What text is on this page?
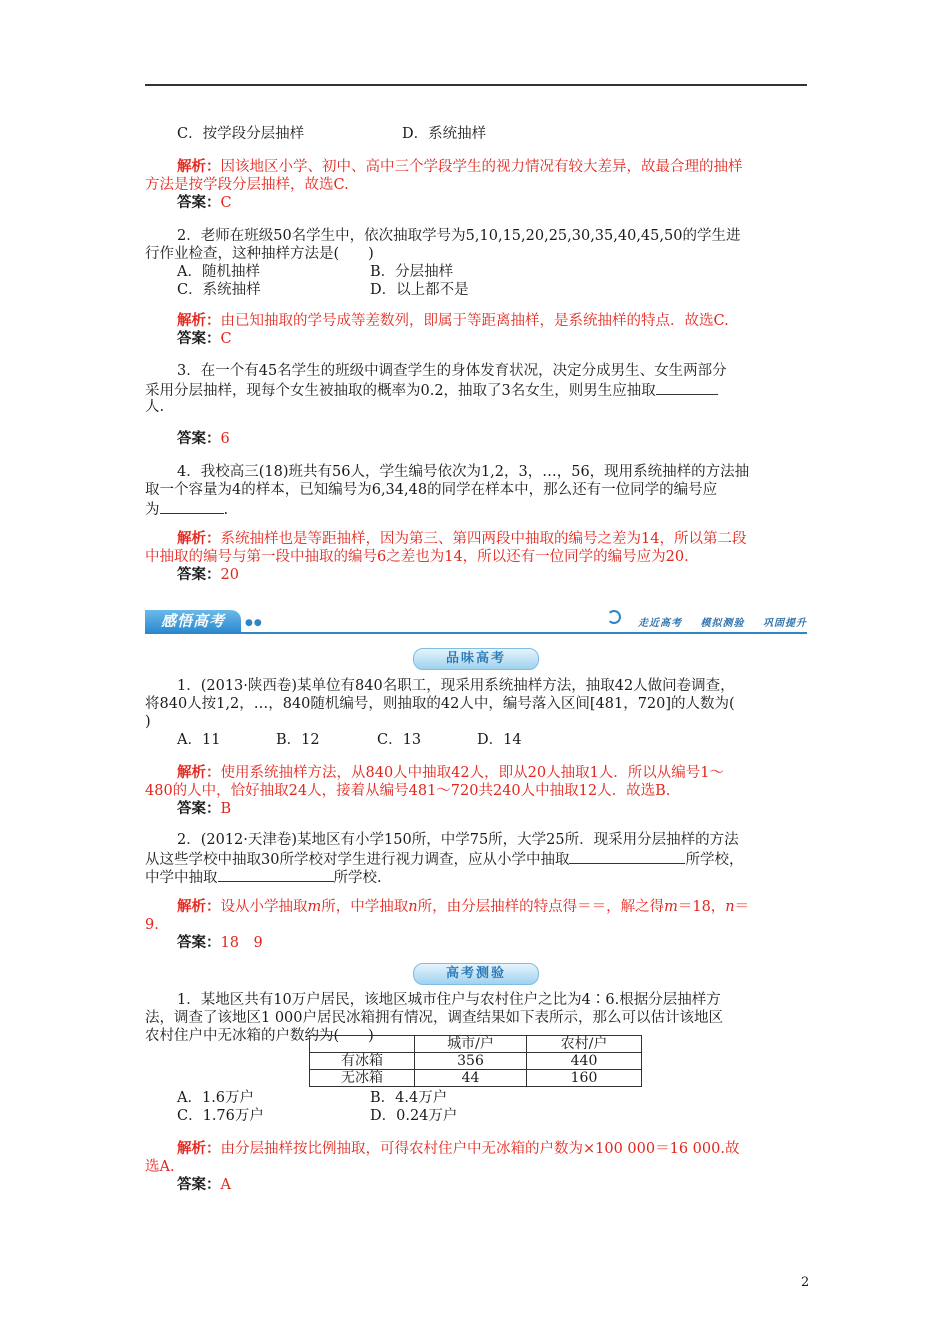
C．按学段分层抽样	D．系统抽样
解析：因该地区小学、初中、高中三个学段学生的视力情况有较大差异，故最合理的抽样
方法是按学段分层抽样，故选C.
答案：C
2．老师在班级50名学生中，依次抽取学号为5,10,15,20,25,30,35,40,45,50的学生进
行作业检查，这种抽样方法是(　　)
A．随机抽样	B．分层抽样
C．系统抽样	D．以上都不是
解析：由已知抽取的学号成等差数列，即属于等距离抽样，是系统抽样的特点．故选C.
答案：C
3．在一个有45名学生的班级中调查学生的身体发育状况，决定分成男生、女生两部分
采用分层抽样，现每个女生被抽取的概率为0.2，抽取了3名女生，则男生应抽取
人.
答案：6
4．我校高三(18)班共有56人，学生编号依次为1,2，3，…，56，现用系统抽样的方法抽
取一个容量为4的样本，已知编号为6,34,48的同学在样本中，那么还有一位同学的编号应
为	.
解析：系统抽样也是等距抽样，因为第三、第四两段中抽取的编号之差为14，所以第二段
中抽取的编号与第一段中抽取的编号6之差也为14，所以还有一位同学的编号应为20.
答案：20
感悟高考	●●	走近高考 模拟测验 巩固提升
品味高考
1．(2013·陕西卷)某单位有840名职工，现采用系统抽样方法，抽取42人做问卷调查，
将840人按1,2，…，840随机编号，则抽取的42人中，编号落入区间[481，720]的人数为(
)
A．11	B．12	C．13	D．14
解析：使用系统抽样方法，从840人中抽取42人，即从20人抽取1人．所以从编号1～
480的人中，恰好抽取24人，接着从编号481～720共240人中抽取12人．故选B.
答案：B
2．(2012·天津卷)某地区有小学150所，中学75所，大学25所．现采用分层抽样的方法
从这些学校中抽取30所学校对学生进行视力调查，应从小学中抽取	所学校，
中学中抽取	所学校.
解析：设从小学抽取m所，中学抽取n所，由分层抽样的特点得＝＝，解之得m＝18，n＝
9.
答案：18　9
高考测验
1．某地区共有10万户居民，该地区城市住户与农村住户之比为4∶6.根据分层抽样方
法，调查了该地区1 000户居民冰箱拥有情况，调查结果如下表所示，那么可以估计该地区
农村住户中无冰箱的户数约为(　　)
		城市/户	农村/户
有冰箱	356	440
无冰箱	44	160
A．1.6万户	B．4.4万户
C．1.76万户	D．0.24万户
解析：由分层抽样按比例抽取，可得农村住户中无冰箱的户数为×100 000＝16 000.故
选A.
答案：A
2
